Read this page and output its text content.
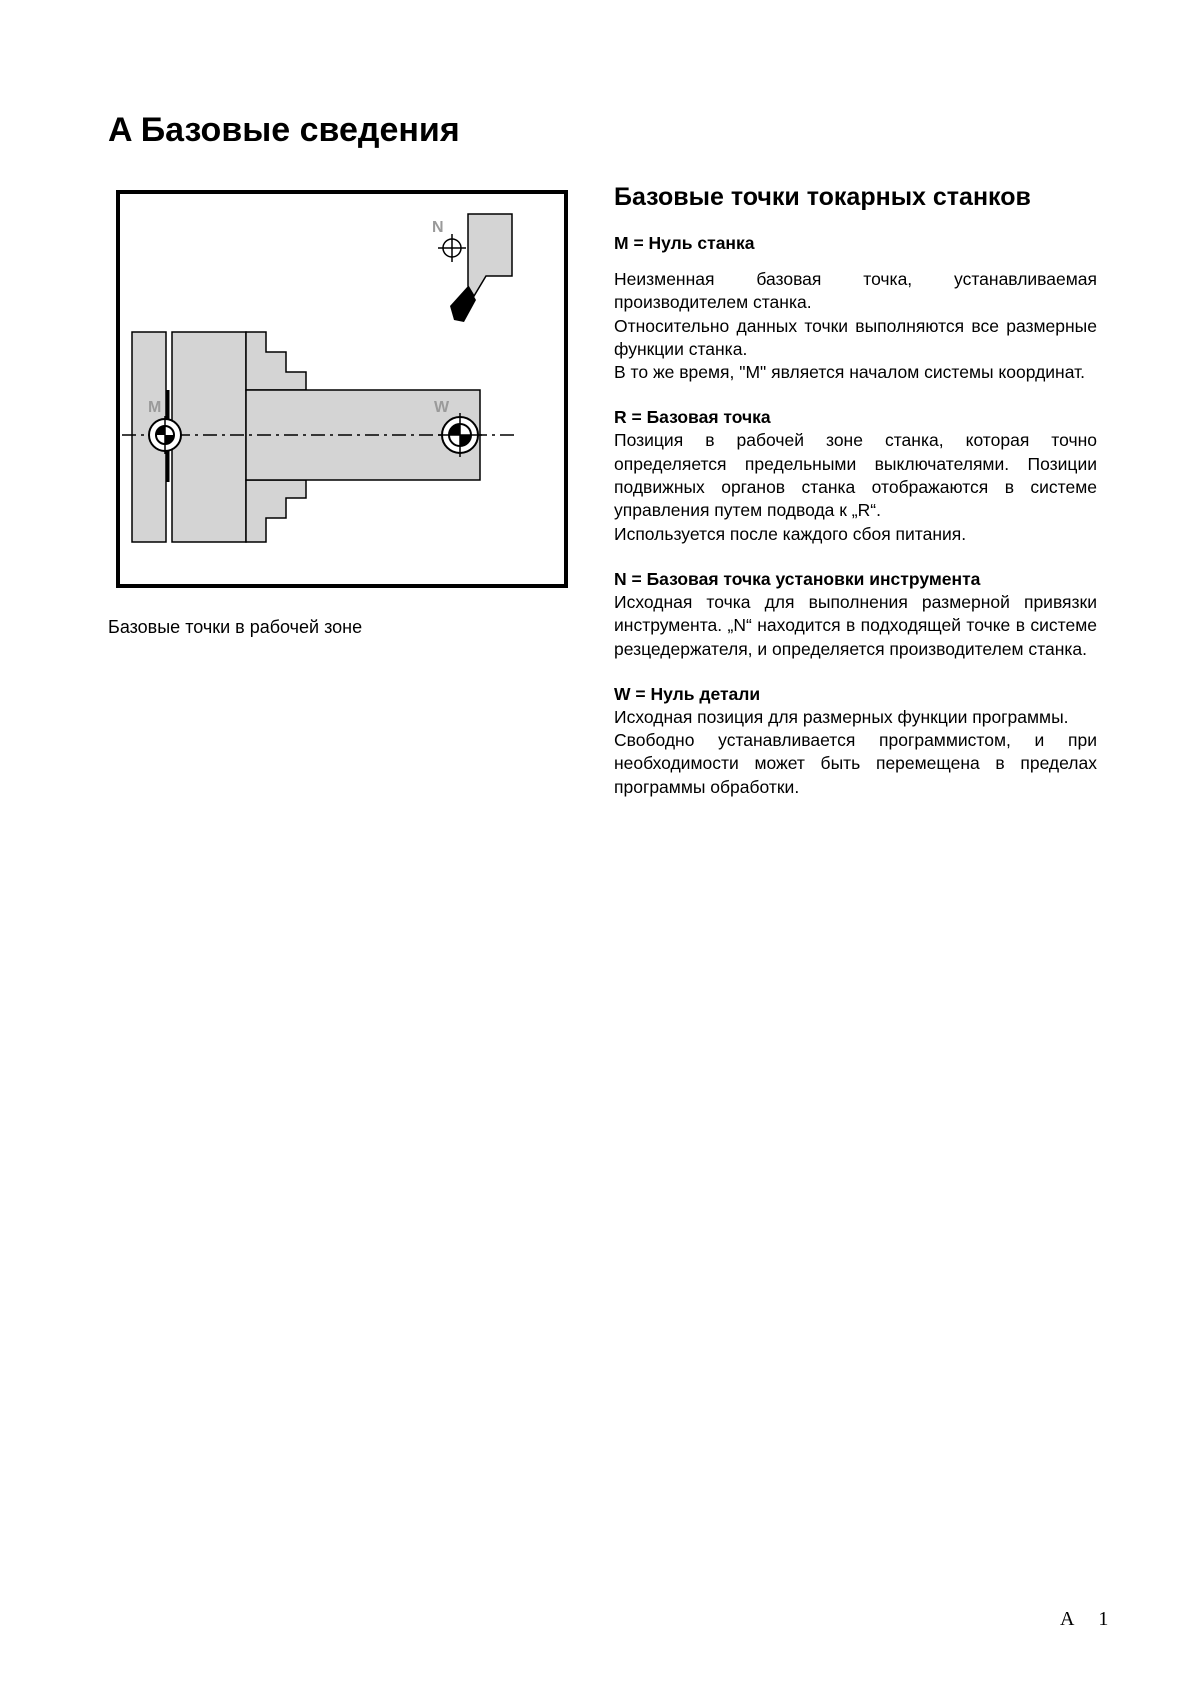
A Базовые сведения
M	W
N
Базовые точки в рабочей зоне
Базовые точки токарных станков

M = Нуль станка

Неизменная базовая точка, устанавливаемая производителем станка.

Относительно данных точки выполняются все размерные функции станка.

В то же время, "M" является началом системы координат.

R = Базовая точка

Позиция в рабочей зоне станка, которая точно определяется предельными выключателями. Позиции подвижных органов станка отображаются в системе управления путем подвода к „R“.

Используется после каждого сбоя питания.

N = Базовая точка установки инструмента

Исходная точка для выполнения размерной привязки инструмента. „N“ находится в подходящей точке в системе резцедержателя, и определяется производителем станка.

W = Нуль детали

Исходная позиция для размерных функции программы.

Свободно устанавливается программистом, и при необходимости может быть перемещена в пределах программы обработки.

A 1
